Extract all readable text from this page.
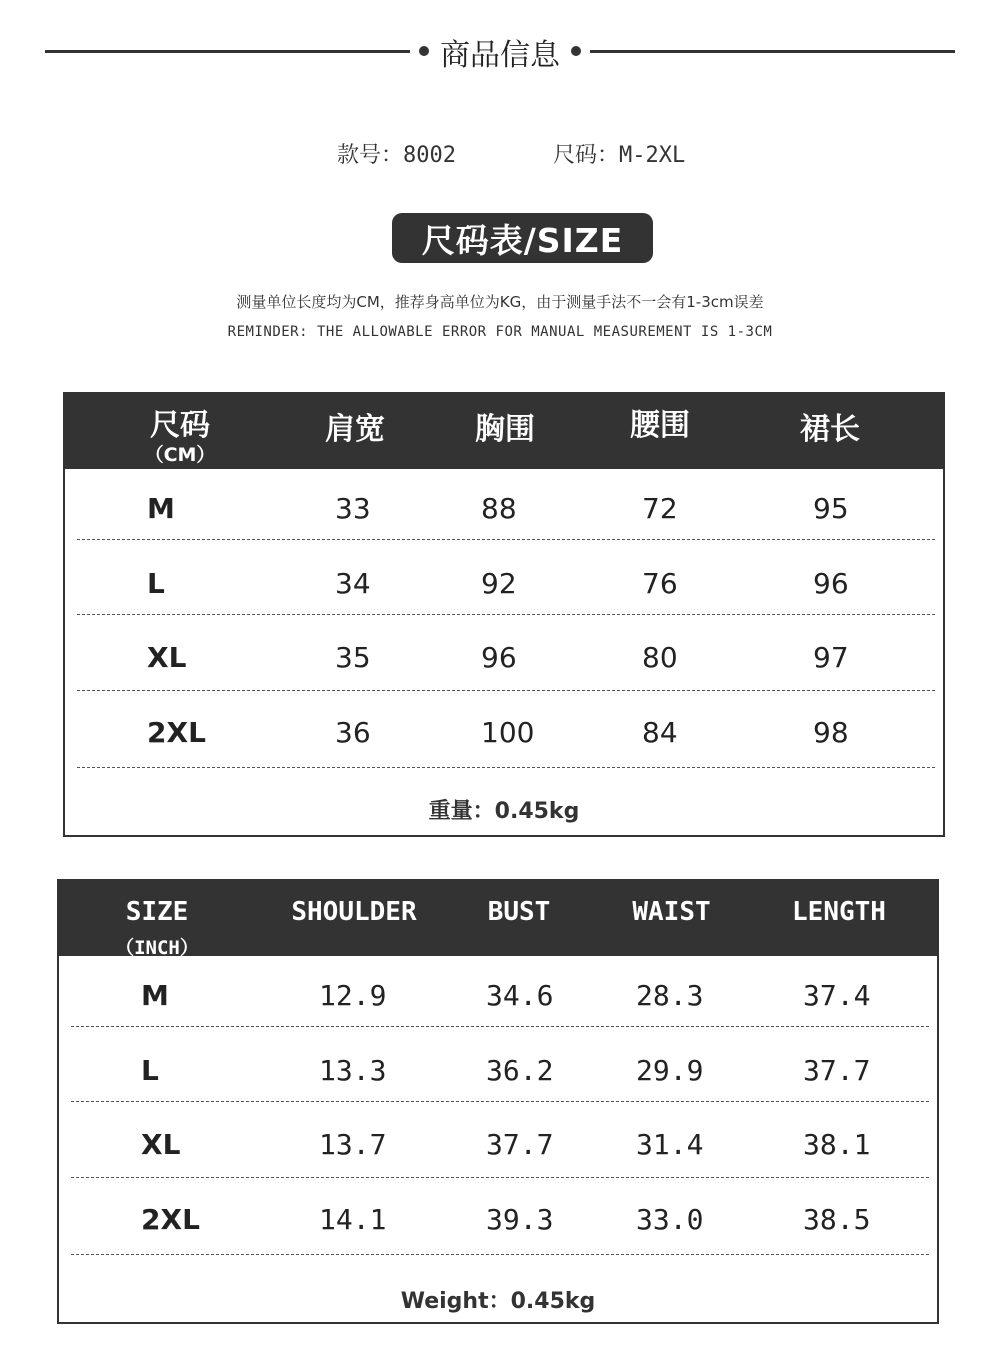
商品信息
款号：8002	尺码：M-2XL
尺码表/SIZE
测量单位长度均为CM，推荐身高单位为KG，由于测量手法不一会有1-3cm误差
REMINDER: THE ALLOWABLE ERROR FOR MANUAL MEASUREMENT IS 1-3CM
尺码
（CM）
肩宽	胸围	腰围	裙长
M	33	88	72	95
L	34	92	76	96
XL	35	96	80	97
2XL	36	100	84	98
重量：0.45kg
SIZE
（INCH）
SHOULDER	BUST	WAIST	LENGTH
M	12.9	34.6	28.3	37.4
L	13.3	36.2	29.9	37.7
XL	13.7	37.7	31.4	38.1
2XL	14.1	39.3	33.0	38.5
Weight：0.45kg
